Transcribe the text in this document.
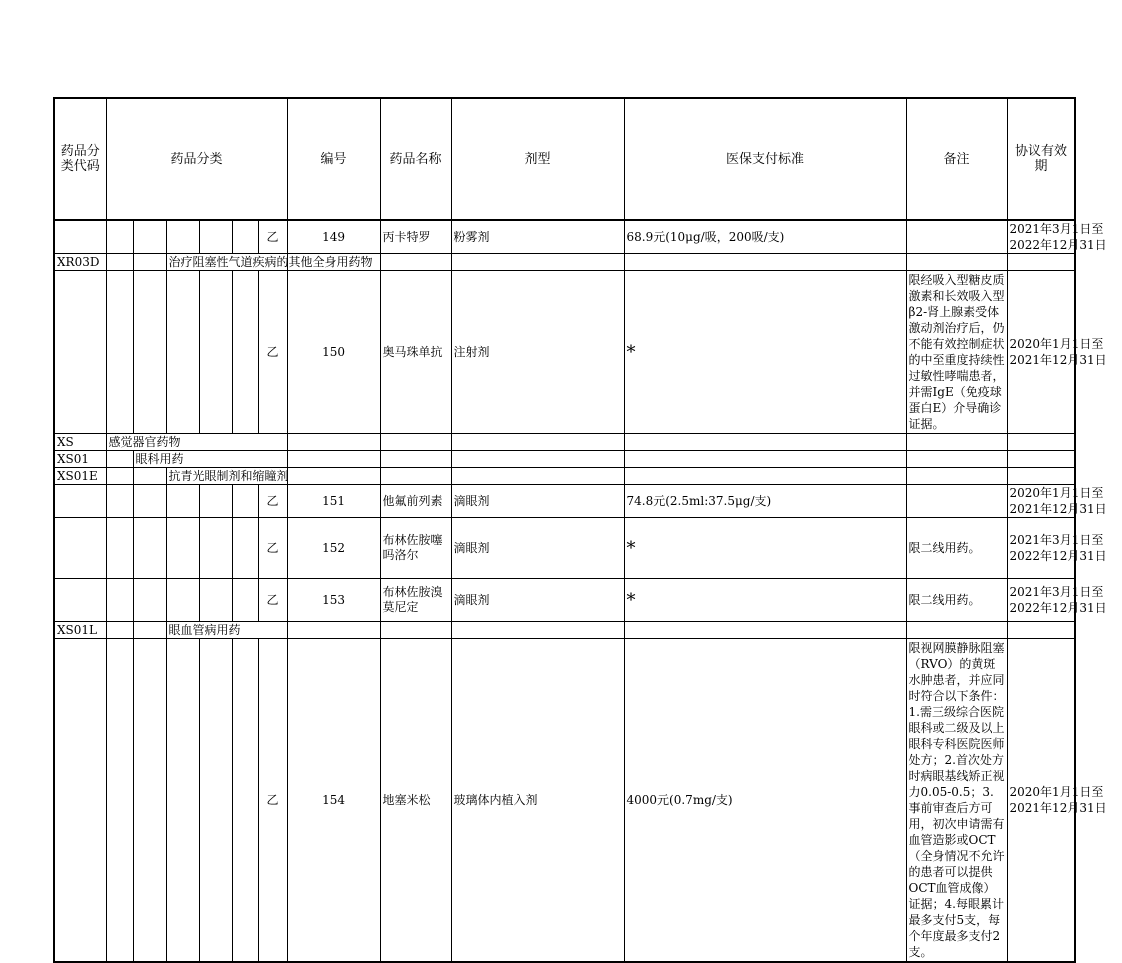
药品分类代码	药品分类						编号	药品名称	剂型	医保支付标准	备注	协议有效期	
						乙	149	丙卡特罗	粉雾剂	68.9元(10μg/吸，200吸/支)		2021年3月1日至
2022年12月31日

XR03D			治疗阻塞性气道疾病的其他全身用药物										
						乙	150	奥马珠单抗	注射剂	*	限经吸入型糖皮质激素和长效吸入型β2-肾上腺素受体激动剂治疗后，仍不能有效控制症状的中至重度持续性过敏性哮喘患者，并需IgE（免疫球蛋白E）介导确诊证据。	2020年1月1日至
2021年12月31日

XS	感觉器官药物												
XS01		眼科用药											
XS01E			抗青光眼制剂和缩瞳剂										
						乙	151	他氟前列素	滴眼剂	74.8元(2.5ml:37.5μg/支)		2020年1月1日至
2021年12月31日

						乙	152	布林佐胺噻吗洛尔	滴眼剂	*	限二线用药。	2021年3月1日至
2022年12月31日

						乙	153	布林佐胺溴莫尼定	滴眼剂	*	限二线用药。	2021年3月1日至
2022年12月31日

XS01L			眼血管病用药										
						乙	154	地塞米松	玻璃体内植入剂	4000元(0.7mg/支)	限视网膜静脉阻塞（RVO）的黄斑水肿患者，并应同时符合以下条件：1.需三级综合医院眼科或二级及以上眼科专科医院医师处方；2.首次处方时病眼基线矫正视力0.05-0.5；3.事前审查后方可用，初次申请需有血管造影或OCT（全身情况不允许的患者可以提供OCT血管成像）证据；4.每眼累计最多支付5支，每个年度最多支付2支。	2020年1月1日至
2021年12月31日
